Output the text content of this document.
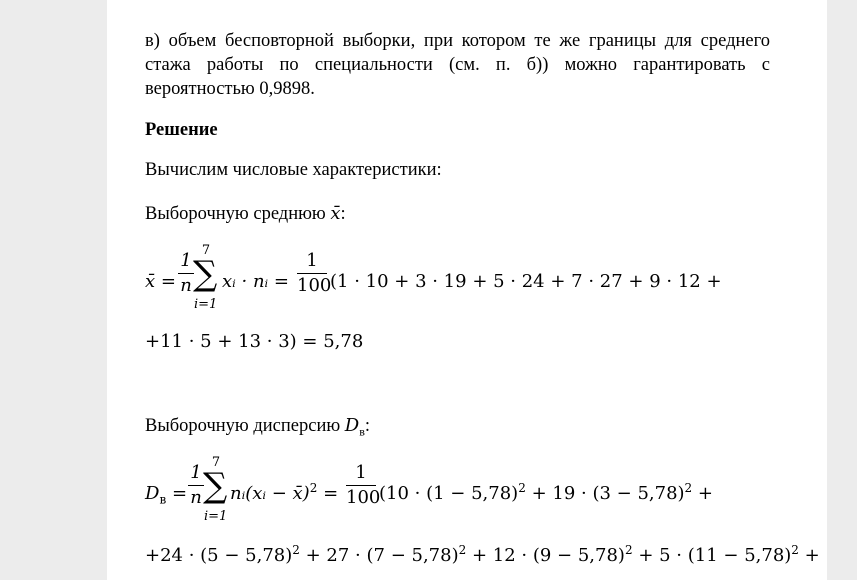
в) объем бесповторной выборки, при котором те же границы для среднего
стажа работы по специальности (см. п. б)) можно гарантировать с
вероятностью 0,9898.
Решение
Вычислим числовые характеристики:
Выборочную среднюю x̄:
x̄ =
1
n
7
∑
i=1
xᵢ · nᵢ =
1
100
(1 · 10 + 3 · 19 + 5 · 24 + 7 · 27 + 9 · 12 +
+11 · 5 + 13 · 3) = 5,78
Выборочную дисперсию $D_в$:
$D_в$ =
1
n
7
∑
i=1
nᵢ(xᵢ − x̄)$^2$ =
1
100
($10 \cdot (1 - 5,78)^2 + 19 \cdot (3 - 5,78)^2$ +
$+24 \cdot (5 - 5,78)^2 + 27 \cdot (7 - 5,78)^2 + 12 \cdot (9 - 5,78)^2 + 5 \cdot (11 - 5,78)^2$ +
